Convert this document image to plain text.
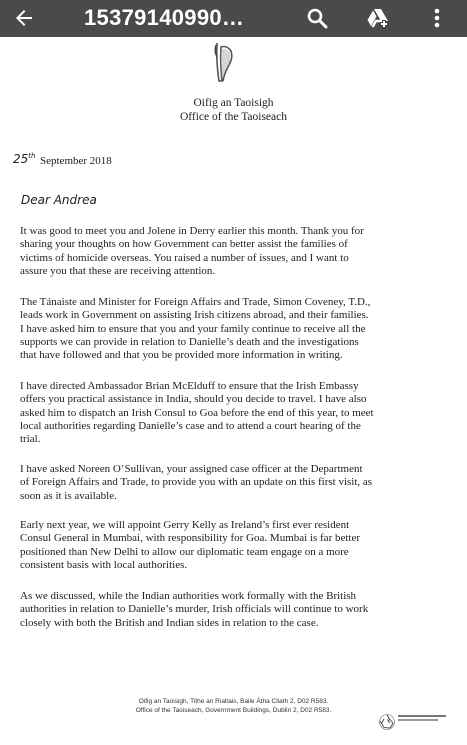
15379140990…
Oifig an Taoisigh
Office of the Taoiseach
25th September 2018
Dear Andrea

It was good to meet you and Jolene in Derry earlier this month. Thank you for
sharing your thoughts on how Government can better assist the families of
victims of homicide overseas. You raised a number of issues, and I want to
assure you that these are receiving attention.

The Tánaiste and Minister for Foreign Affairs and Trade, Simon Coveney, T.D.,
leads work in Government on assisting Irish citizens abroad, and their families.
I have asked him to ensure that you and your family continue to receive all the
supports we can provide in relation to Danielle’s death and the investigations
that have followed and that you be provided more information in writing.

I have directed Ambassador Brian McElduff to ensure that the Irish Embassy
offers you practical assistance in India, should you decide to travel. I have also
asked him to dispatch an Irish Consul to Goa before the end of this year, to meet
local authorities regarding Danielle’s case and to attend a court hearing of the
trial.

I have asked Noreen O’Sullivan, your assigned case officer at the Department
of Foreign Affairs and Trade, to provide you with an update on this first visit, as
soon as it is available.

Early next year, we will appoint Gerry Kelly as Ireland’s first ever resident
Consul General in Mumbai, with responsibility for Goa. Mumbai is far better
positioned than New Delhi to allow our diplomatic team engage on a more
consistent basis with local authorities.

As we discussed, while the Indian authorities work formally with the British
authorities in relation to Danielle’s murder, Irish officials will continue to work
closely with both the British and Indian sides in relation to the case.

Oifig an Taoisigh, Tithe an Rialtais, Baile Átha Cliath 2, D02 R583.
Office of the Taoiseach, Government Buildings, Dublin 2, D02 R583.
